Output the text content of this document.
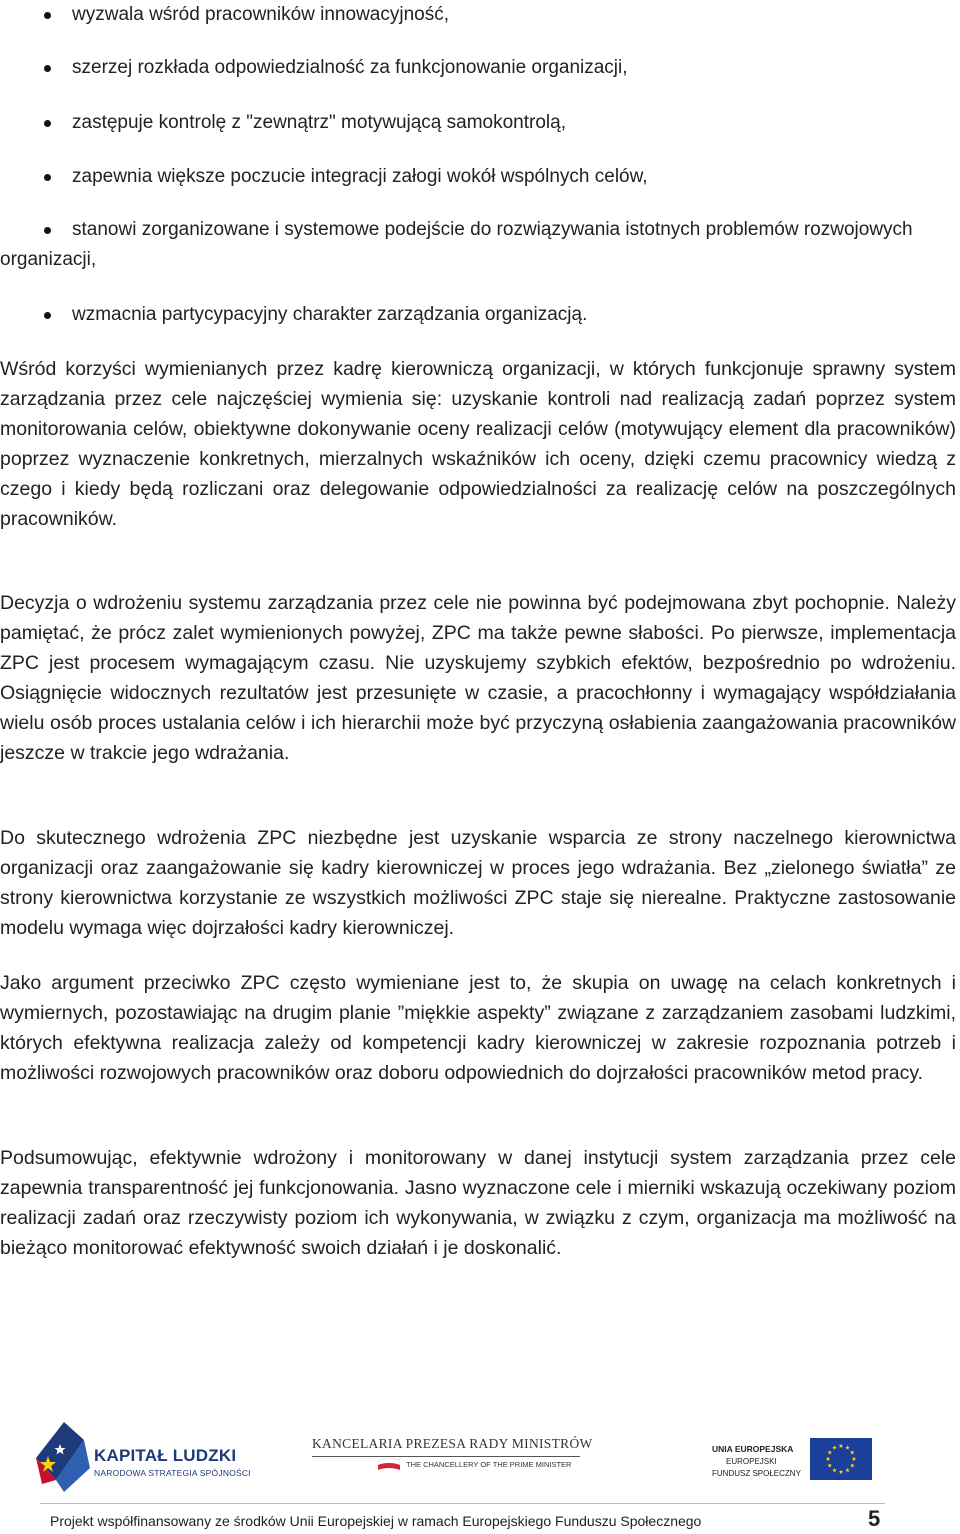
wyzwala wśród pracowników innowacyjność,
szerzej rozkłada odpowiedzialność za funkcjonowanie organizacji,
zastępuje kontrolę z "zewnątrz" motywującą samokontrolą,
zapewnia większe poczucie integracji załogi wokół wspólnych celów,
stanowi zorganizowane i systemowe podejście do rozwiązywania istotnych problemów rozwojowych organizacji,
wzmacnia partycypacyjny charakter zarządzania organizacją.

Wśród korzyści wymienianych przez kadrę kierowniczą organizacji, w których funkcjonuje sprawny system zarządzania przez cele najczęściej wymienia się: uzyskanie kontroli nad realizacją zadań poprzez system monitorowania celów, obiektywne dokonywanie oceny realizacji celów (motywujący element dla pracowników) poprzez wyznaczenie konkretnych, mierzalnych wskaźników ich oceny, dzięki czemu pracownicy wiedzą z czego i kiedy będą rozliczani oraz delegowanie odpowiedzialności za realizację celów na poszczególnych pracowników.

Decyzja o wdrożeniu systemu zarządzania przez cele nie powinna być podejmowana zbyt pochopnie. Należy pamiętać, że prócz zalet wymienionych powyżej, ZPC ma także pewne słabości. Po pierwsze, implementacja ZPC jest procesem wymagającym czasu. Nie uzyskujemy szybkich efektów, bezpośrednio po wdrożeniu. Osiągnięcie widocznych rezultatów jest przesunięte w czasie, a pracochłonny i wymagający współdziałania wielu osób proces ustalania celów i ich hierarchii może być przyczyną osłabienia zaangażowania pracowników jeszcze w trakcie jego wdrażania.

Do skutecznego wdrożenia ZPC niezbędne jest uzyskanie wsparcia ze strony naczelnego kierownictwa organizacji oraz zaangażowanie się kadry kierowniczej w proces jego wdrażania. Bez „zielonego światła” ze strony kierownictwa korzystanie ze wszystkich możliwości ZPC staje się nierealne. Praktyczne zastosowanie modelu wymaga więc dojrzałości kadry kierowniczej.

Jako argument przeciwko ZPC często wymieniane jest to, że skupia on uwagę na celach konkretnych i wymiernych, pozostawiając na drugim planie ”miękkie aspekty” związane z zarządzaniem zasobami ludzkimi, których efektywna realizacja zależy od kompetencji kadry kierowniczej w zakresie rozpoznania potrzeb i możliwości rozwojowych pracowników oraz doboru odpowiednich do dojrzałości pracowników metod pracy.

Podsumowując, efektywnie wdrożony i monitorowany w danej instytucji system zarządzania przez cele zapewnia transparentność jej funkcjonowania. Jasno wyznaczone cele i mierniki wskazują oczekiwany poziom realizacji zadań oraz rzeczywisty poziom ich wykonywania, w związku z czym, organizacja ma możliwość na bieżąco monitorować efektywność swoich działań i je doskonalić.

KAPITAŁ LUDZKI
NARODOWA STRATEGIA SPÓJNOŚCI
KANCELARIA PREZESA RADY MINISTRÓW
THE CHANCELLERY OF THE PRIME MINISTER
UNIA EUROPEJSKA
EUROPEJSKI
FUNDUSZ SPOŁECZNY
Projekt współfinansowany ze środków Unii Europejskiej w ramach Europejskiego Funduszu Społecznego	5
